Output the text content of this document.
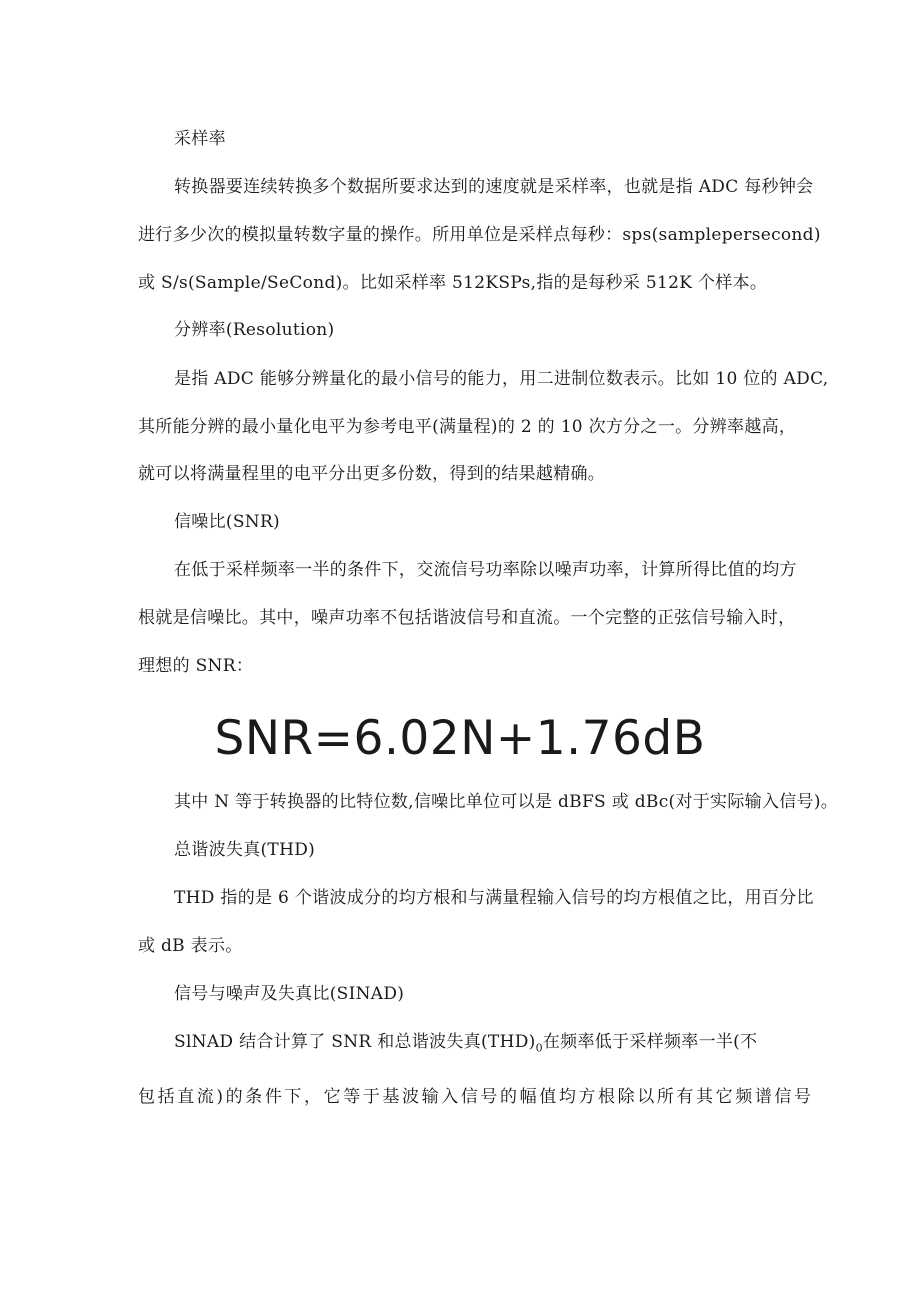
采样率
转换器要连续转换多个数据所要求达到的速度就是采样率，也就是指 ADC 每秒钟会
进行多少次的模拟量转数字量的操作。所用单位是采样点每秒：sps(samplepersecond)
或 S/s(Sample/SeCond)。比如采样率 512KSPs,指的是每秒采 512K 个样本。
分辨率(Resolution)
是指 ADC 能够分辨量化的最小信号的能力，用二进制位数表示。比如 10 位的 ADC,
其所能分辨的最小量化电平为参考电平(满量程)的 2 的 10 次方分之一。分辨率越高，
就可以将满量程里的电平分出更多份数，得到的结果越精确。
信噪比(SNR)
在低于采样频率一半的条件下，交流信号功率除以噪声功率，计算所得比值的均方
根就是信噪比。其中，噪声功率不包括谐波信号和直流。一个完整的正弦信号输入时，
理想的 SNR：
SNR=6.02N+1.76dB
其中 N 等于转换器的比特位数,信噪比单位可以是 dBFS 或 dBc(对于实际输入信号)。
总谐波失真(THD)
THD 指的是 6 个谐波成分的均方根和与满量程输入信号的均方根值之比，用百分比
或 dB 表示。
信号与噪声及失真比(SINAD)
SlNAD 结合计算了 SNR 和总谐波失真$(THD)_0$在频率低于采样频率一半(不
包括直流)的条件下，它等于基波输入信号的幅值均方根除以所有其它频谱信号
